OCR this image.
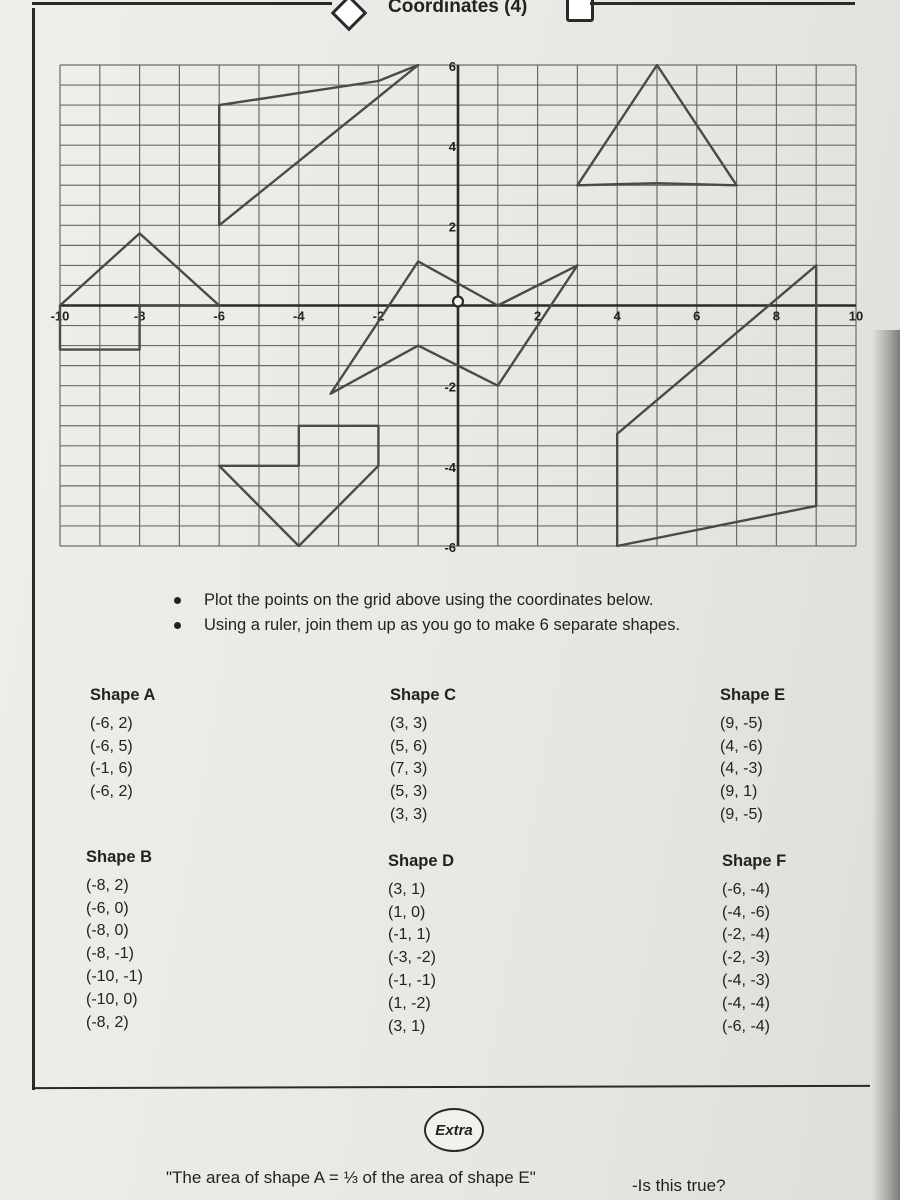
Coordinates (4)
-10	-8	-6	-4	-2	2	4	6	8	10
6
4
2
-2
-4
-6
0
Plot the points on the grid above using the coordinates below.
Using a ruler, join them up as you go to make 6 separate shapes.
Shape A
(-6, 2)
(-6, 5)
(-1, 6)
(-6, 2)
Shape B
(-8, 2)
(-6, 0)
(-8, 0)
(-8, -1)
(-10, -1)
(-10, 0)
(-8, 2)
Shape C
(3, 3)
(5, 6)
(7, 3)
(5, 3)
(3, 3)
Shape D
(3, 1)
(1, 0)
(-1, 1)
(-3, -2)
(-1, -1)
(1, -2)
(3, 1)
Shape E
(9, -5)
(4, -6)
(4, -3)
(9, 1)
(9, -5)
Shape F
(-6, -4)
(-4, -6)
(-2, -4)
(-2, -3)
(-4, -3)
(-4, -4)
(-6, -4)
Extra
"The area of shape A = ⅓ of the area of shape E"	-Is this true?
